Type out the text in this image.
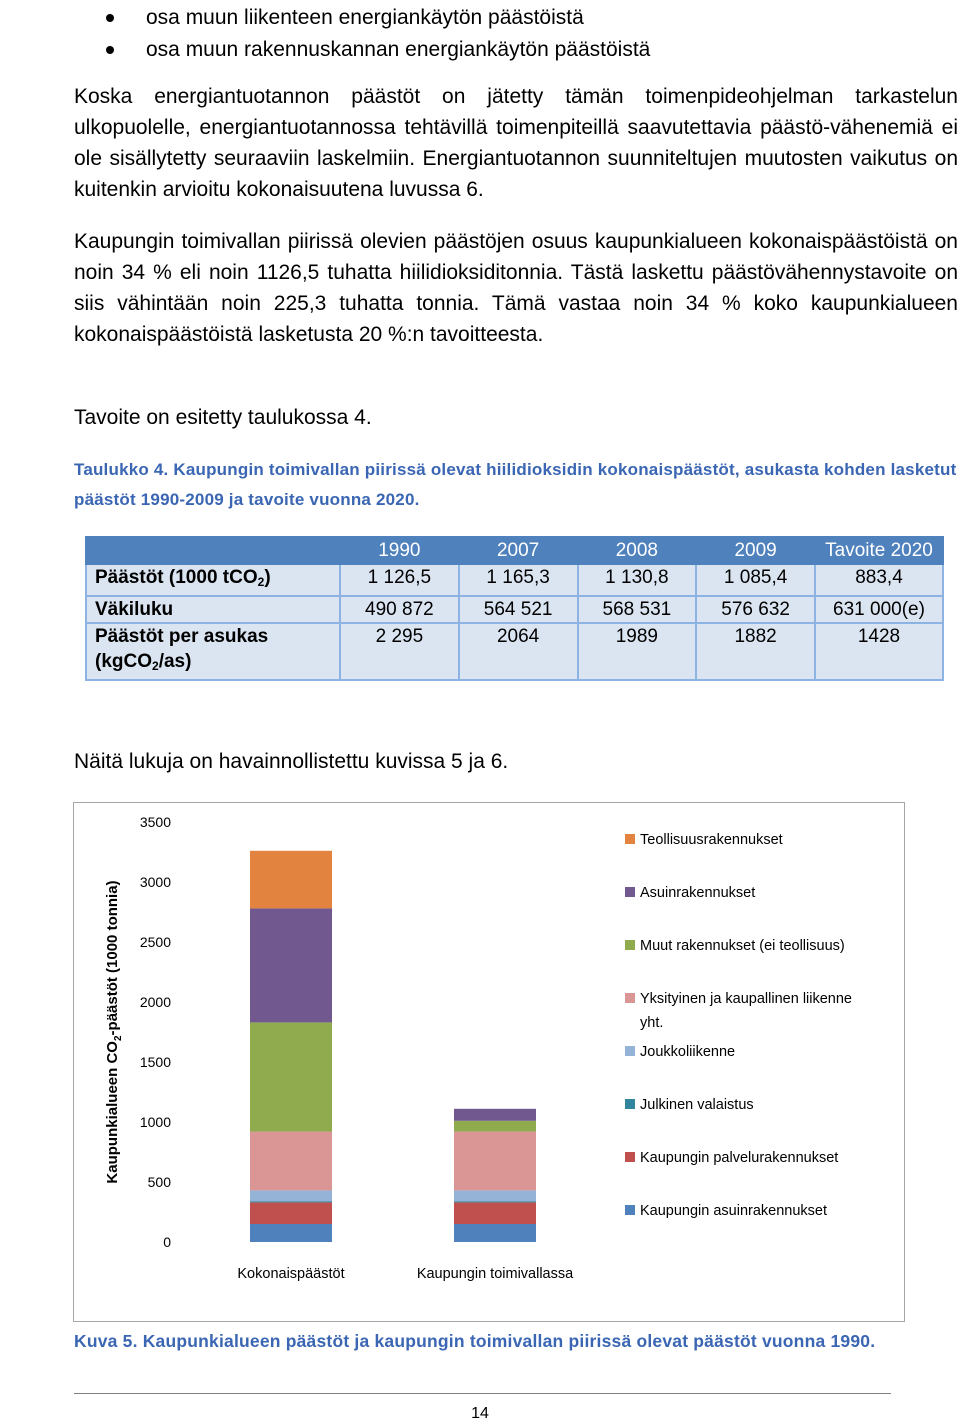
osa muun liikenteen energiankäytön päästöistä
osa muun rakennuskannan energiankäytön päästöistä

Koska energiantuotannon päästöt on jätetty tämän toimenpideohjelman tarkastelun ulkopuolelle, energiantuotannossa tehtävillä toimenpiteillä saavutettavia päästö-vähenemiä ei ole sisällytetty seuraaviin laskelmiin. Energiantuotannon suunniteltujen muutosten vaikutus on kuitenkin arvioitu kokonaisuutena luvussa 6.

Kaupungin toimivallan piirissä olevien päästöjen osuus kaupunkialueen kokonaispäästöistä on noin 34 % eli noin 1126,5 tuhatta hiilidioksiditonnia. Tästä laskettu päästövähennystavoite on siis vähintään noin 225,3 tuhatta tonnia. Tämä vastaa noin 34 % koko kaupunkialueen kokonaispäästöistä lasketusta 20 %:n tavoitteesta.

Tavoite on esitetty taulukossa 4.

Taulukko 4. Kaupungin toimivallan piirissä olevat hiilidioksidin kokonaispäästöt, asukasta kohden lasketut päästöt 1990-2009 ja tavoite vuonna 2020.

	1990	2007	2008	2009	Tavoite 2020
Päästöt (1000 tCO$_2$)	1 126,5	1 165,3	1 130,8	1 085,4	883,4
Väkiluku	490 872	564 521	568 531	576 632	631 000(e)
Päästöt per asukas (kgCO$_2$/as)	2 295	2064	1989	1882	1428

Näitä lukuja on havainnollistettu kuvissa 5 ja 6.

Kaupunkialueen $CO_2$-päästöt (1000 tonnia)
0
500
1000
1500
2000
2500
3000
3500
Kokonaispäästöt	Kaupungin toimivallassa
Teollisuusrakennukset
Asuinrakennukset
Muut rakennukset (ei teollisuus)
Yksityinen ja kaupallinen liikenne yht.
Joukkoliikenne
Julkinen valaistus
Kaupungin palvelurakennukset
Kaupungin asuinrakennukset

Kuva 5. Kaupunkialueen päästöt ja kaupungin toimivallan piirissä olevat päästöt vuonna 1990.

14
